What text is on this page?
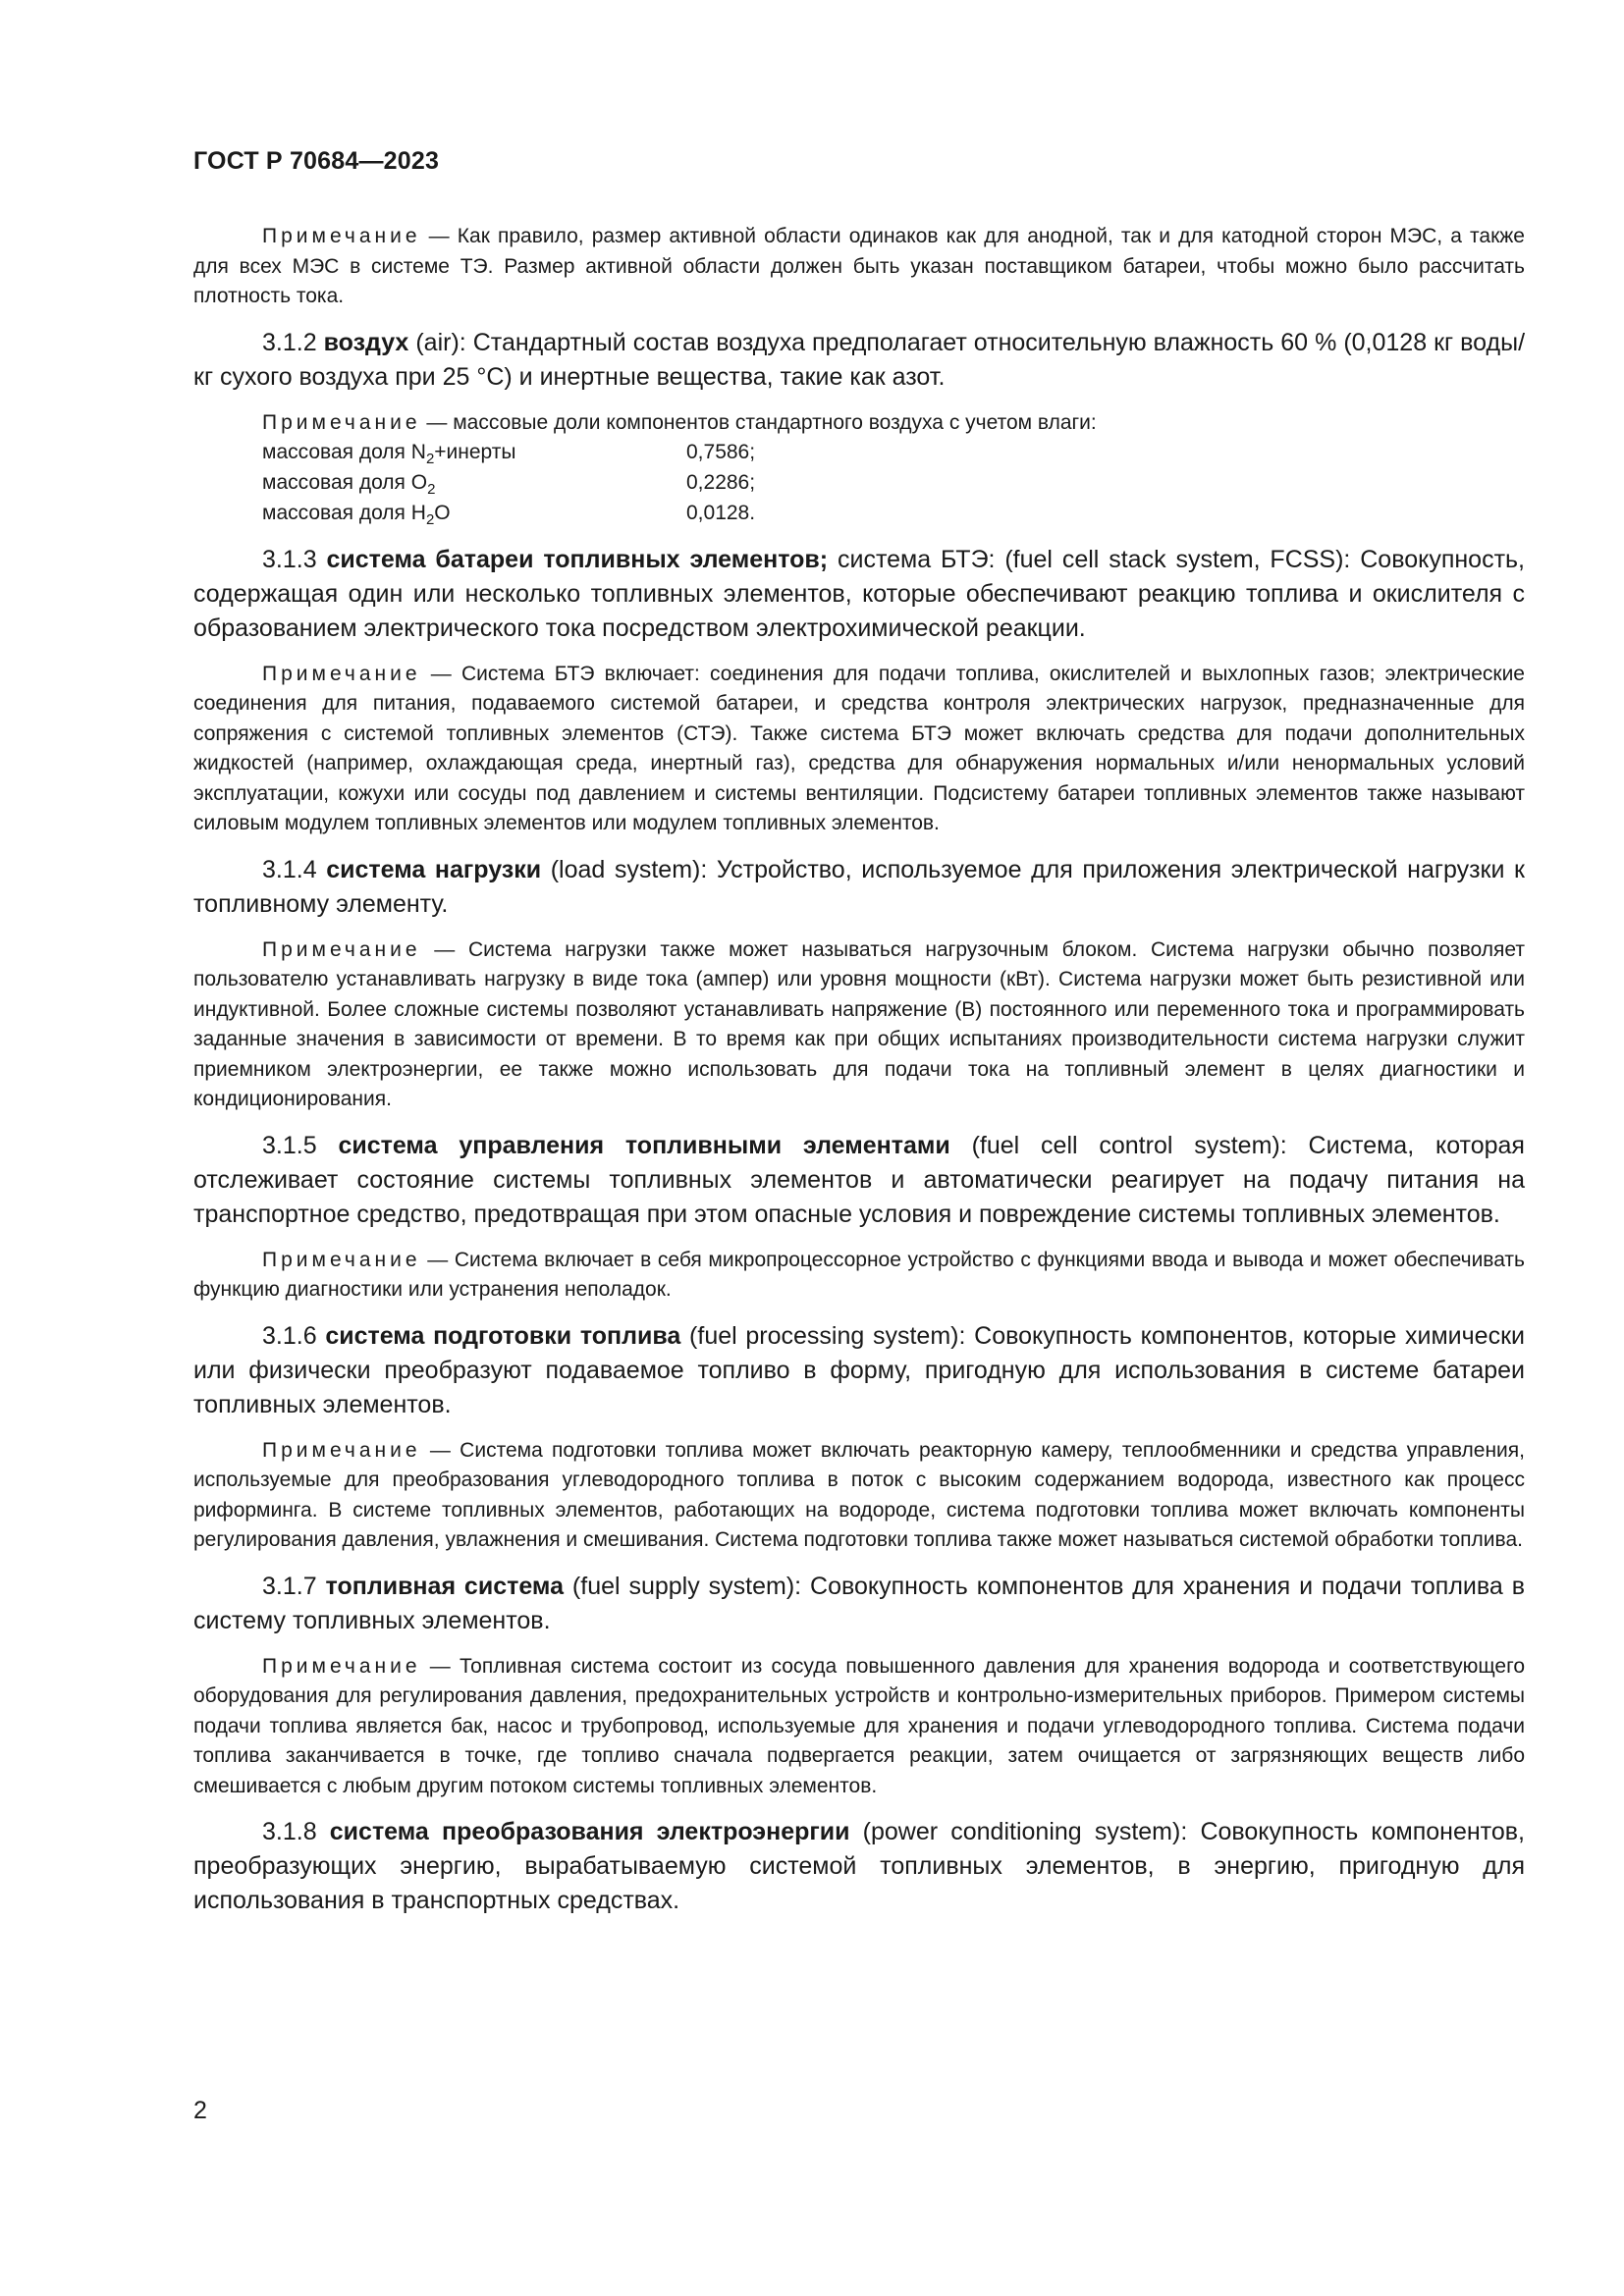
ГОСТ Р 70684—2023

Примечание — Как правило, размер активной области одинаков как для анодной, так и для катодной сторон МЭС, а также для всех МЭС в системе ТЭ. Размер активной области должен быть указан поставщиком батареи, чтобы можно было рассчитать плотность тока.

3.1.2 воздух (air): Стандартный состав воздуха предполагает относительную влажность 60 % (0,0128 кг воды/кг сухого воздуха при 25 °С) и инертные вещества, такие как азот.

Примечание — массовые доли компонентов стандартного воздуха с учетом влаги:
массовая доля $N_2+инерты$	0,7586;
массовая доля $O_2$	0,2286;
массовая доля $H_2O$	0,0128.

3.1.3 система батареи топливных элементов; система БТЭ: (fuel cell stack system, FCSS): Совокупность, содержащая один или несколько топливных элементов, которые обеспечивают реакцию топлива и окислителя с образованием электрического тока посредством электрохимической реакции.

Примечание — Система БТЭ включает: соединения для подачи топлива, окислителей и выхлопных газов; электрические соединения для питания, подаваемого системой батареи, и средства контроля электрических нагрузок, предназначенные для сопряжения с системой топливных элементов (СТЭ). Также система БТЭ может включать средства для подачи дополнительных жидкостей (например, охлаждающая среда, инертный газ), средства для обнаружения нормальных и/или ненормальных условий эксплуатации, кожухи или сосуды под давлением и системы вентиляции. Подсистему батареи топливных элементов также называют силовым модулем топливных элементов или модулем топливных элементов.

3.1.4 система нагрузки (load system): Устройство, используемое для приложения электрической нагрузки к топливному элементу.

Примечание — Система нагрузки также может называться нагрузочным блоком. Система нагрузки обычно позволяет пользователю устанавливать нагрузку в виде тока (ампер) или уровня мощности (кВт). Система нагрузки может быть резистивной или индуктивной. Более сложные системы позволяют устанавливать напряжение (В) постоянного или переменного тока и программировать заданные значения в зависимости от времени. В то время как при общих испытаниях производительности система нагрузки служит приемником электроэнергии, ее также можно использовать для подачи тока на топливный элемент в целях диагностики и кондиционирования.

3.1.5 система управления топливными элементами (fuel cell control system): Система, которая отслеживает состояние системы топливных элементов и автоматически реагирует на подачу питания на транспортное средство, предотвращая при этом опасные условия и повреждение системы топливных элементов.

Примечание — Система включает в себя микропроцессорное устройство с функциями ввода и вывода и может обеспечивать функцию диагностики или устранения неполадок.

3.1.6 система подготовки топлива (fuel processing system): Совокупность компонентов, которые химически или физически преобразуют подаваемое топливо в форму, пригодную для использования в системе батареи топливных элементов.

Примечание — Система подготовки топлива может включать реакторную камеру, теплообменники и средства управления, используемые для преобразования углеводородного топлива в поток с высоким содержанием водорода, известного как процесс риформинга. В системе топливных элементов, работающих на водороде, система подготовки топлива может включать компоненты регулирования давления, увлажнения и смешивания. Система подготовки топлива также может называться системой обработки топлива.

3.1.7 топливная система (fuel supply system): Совокупность компонентов для хранения и подачи топлива в систему топливных элементов.

Примечание — Топливная система состоит из сосуда повышенного давления для хранения водорода и соответствующего оборудования для регулирования давления, предохранительных устройств и контрольно-измерительных приборов. Примером системы подачи топлива является бак, насос и трубопровод, используемые для хранения и подачи углеводородного топлива. Система подачи топлива заканчивается в точке, где топливо сначала подвергается реакции, затем очищается от загрязняющих веществ либо смешивается с любым другим потоком системы топливных элементов.

3.1.8 система преобразования электроэнергии (power conditioning system): Совокупность компонентов, преобразующих энергию, вырабатываемую системой топливных элементов, в энергию, пригодную для использования в транспортных средствах.

2
